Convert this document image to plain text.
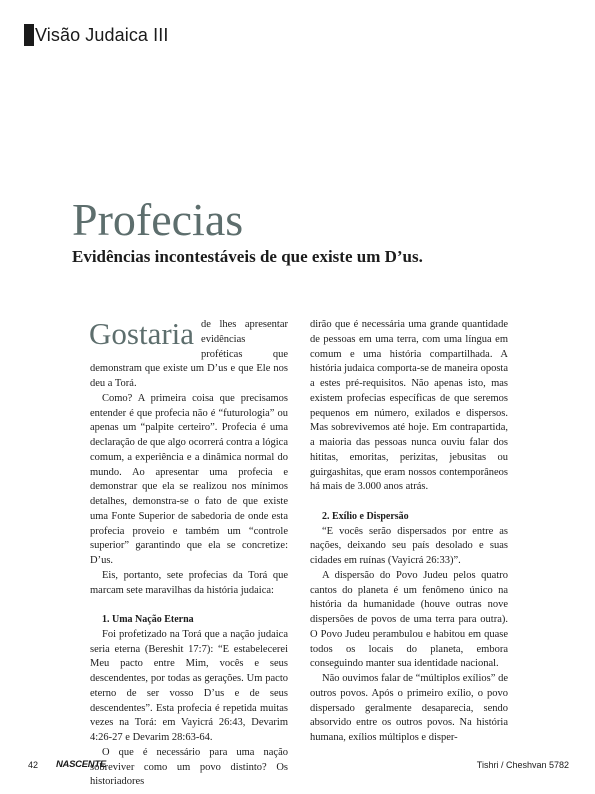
Visão Judaica III
Profecias
Evidências incontestáveis de que existe um D’us.

Gostaria de lhes apresentar evidências proféticas que demonstram que existe um D’us e que Ele nos deu a Torá.

Como? A primeira coisa que precisamos entender é que profecia não é “futurologia” ou apenas um “palpite certeiro”. Profecia é uma declaração de que algo ocorrerá contra a lógica comum, a experiência e a dinâmica normal do mundo. Ao apresentar uma profecia e demonstrar que ela se realizou nos mínimos detalhes, demonstra-se o fato de que existe uma Fonte Superior de sabedoria de onde esta profecia proveio e também um “controle superior” garantindo que ela se concretize: D’us.

Eis, portanto, sete profecias da Torá que marcam sete maravilhas da história judaica:

1. Uma Nação Eterna

Foi profetizado na Torá que a nação judaica seria eterna (Bereshit 17:7): “E estabelecerei Meu pacto entre Mim, vocês e seus descendentes, por todas as gerações. Um pacto eterno de ser vosso D’us e de seus descendentes”. Esta profecia é repetida muitas vezes na Torá: em Vayicrá 26:43, Devarim 4:26-27 e Devarim 28:63-64.

O que é necessário para uma nação sobreviver como um povo distinto? Os historiadores

dirão que é necessária uma grande quantidade de pessoas em uma terra, com uma língua em comum e uma história compartilhada. A história judaica comporta-se de maneira oposta a estes pré-requisitos. Não apenas isto, mas existem profecias específicas de que seremos pequenos em número, exilados e dispersos. Mas sobrevivemos até hoje. Em contrapartida, a maioria das pessoas nunca ouviu falar dos hititas, emoritas, perizitas, jebusitas ou guirgashitas, que eram nossos contemporâneos há mais de 3.000 anos atrás.

2. Exílio e Dispersão

“E vocês serão dispersados por entre as nações, deixando seu país desolado e suas cidades em ruínas (Vayicrá 26:33)”.

A dispersão do Povo Judeu pelos quatro cantos do planeta é um fenômeno único na história da humanidade (houve outras nove dispersões de povos de uma terra para outra). O Povo Judeu perambulou e habitou em quase todos os locais do planeta, embora conseguindo manter sua identidade nacional.

Não ouvimos falar de “múltiplos exílios” de outros povos. Após o primeiro exílio, o povo dispersado geralmente desaparecia, sendo absorvido entre os outros povos. Na história humana, exílios múltiplos e disper-

42 NASCENTE	Tishri / Cheshvan 5782
